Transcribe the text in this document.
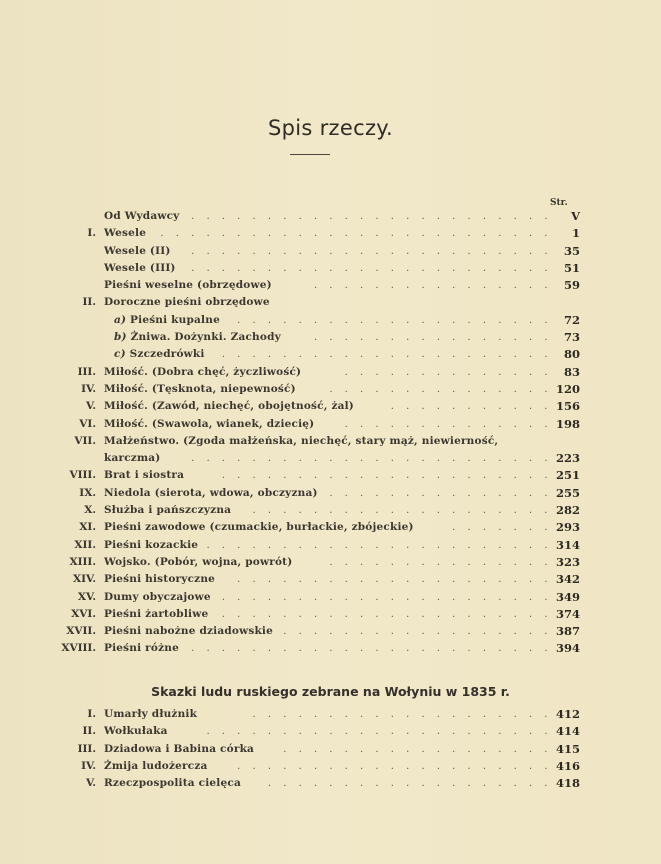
Spis rzeczy.
Str.
Od Wydawcy . . . . . . . . . . . . . . . . . . . . . . . .	V
I. Wesele . . . . . . . . . . . . . . . . . . . . . . . . . .	1
Wesele (II) . . . . . . . . . . . . . . . . . . . . . . . .	35
Wesele (III) . . . . . . . . . . . . . . . . . . . . . . . .	51
Pieśni weselne (obrzędowe)	. . . . . . . . . . . . . . . .	59
II. Doroczne pieśni obrzędowe
a) Pieśni kupalne . . . . . . . . . . . . . . . . . . . . .	72
b) Żniwa. Dożynki. Zachody	. . . . . . . . . . . . . . . .	73
c) Szczedrówki . . . . . . . . . . . . . . . . . . . . . .	80
III. Miłość. (Dobra chęć, życzliwość)	. . . . . . . . . . . . . .	83
IV. Miłość. (Tęsknota, niepewność)	. . . . . . . . . . . . . . . 120
V. Miłość. (Zawód, niechęć, obojętność, żal)	. . . . . . . . . . . 156
VI. Miłość. (Swawola, wianek, dziecię)	. . . . . . . . . . . . . . 198
VII. Małżeństwo. (Zgoda małżeńska, niechęć, stary mąż, niewierność,
karczma)	. . . . . . . . . . . . . . . . . . . . . . . . 223
VIII. Brat i siostra	. . . . . . . . . . . . . . . . . . . . . . 251
IX. Niedola (sierota, wdowa, obczyzna) . . . . . . . . . . . . . . . 255
X. Służba i pańszczyzna . . . . . . . . . . . . . . . . . . . . 282
XI. Pieśni zawodowe (czumackie, burłackie, zbójeckie)	. . . . . . . 293
XII. Pieśni kozackie . . . . . . . . . . . . . . . . . . . . . . . 314
XIII. Wojsko. (Pobór, wojna, powrót)	. . . . . . . . . . . . . . . 323
XIV. Pieśni historyczne . . . . . . . . . . . . . . . . . . . . . 342
XV. Dumy obyczajowe . . . . . . . . . . . . . . . . . . . . . . 349
XVI. Pieśni żartobliwe . . . . . . . . . . . . . . . . . . . . . . 374
XVII. Pieśni nabożne dziadowskie . . . . . . . . . . . . . . . . . . 387
XVIII. Pieśni różne . . . . . . . . . . . . . . . . . . . . . . . . 394
Skazki ludu ruskiego zebrane na Wołyniu w 1835 r.
I. Umarły dłużnik	. . . . . . . . . . . . . . . . . . . . 412
II. Wołkułaka	. . . . . . . . . . . . . . . . . . . . . . . 414
III. Dziadowa i Babina córka	. . . . . . . . . . . . . . . . . . 415
IV. Żmija ludożercza	. . . . . . . . . . . . . . . . . . . . . 416
V. Rzeczpospolita cielęca	. . . . . . . . . . . . . . . . . . . 418
